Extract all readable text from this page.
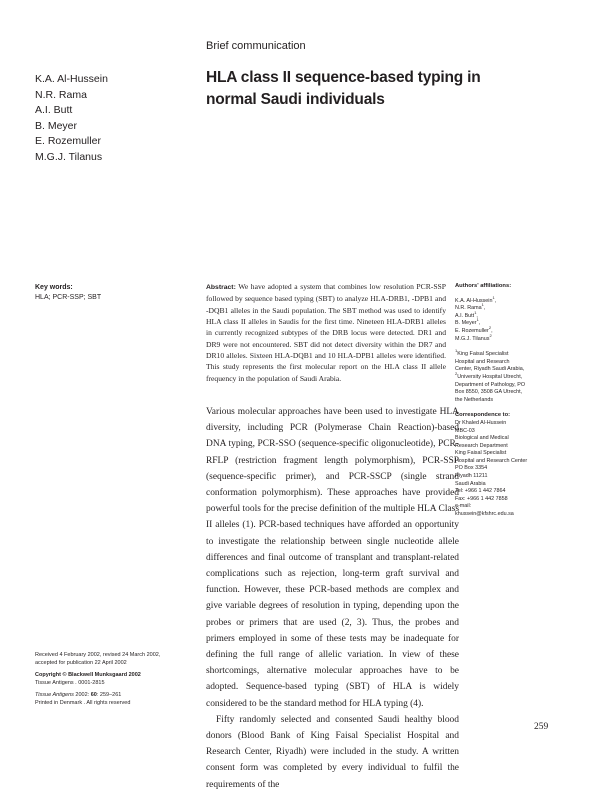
Brief communication
K.A. Al-Hussein
N.R. Rama
A.I. Butt
B. Meyer
E. Rozemuller
M.G.J. Tilanus
HLA class II sequence-based typing in
normal Saudi individuals
Key words:
HLA; PCR-SSP; SBT
Abstract: We have adopted a system that combines low resolution PCR-SSP followed by sequence based typing (SBT) to analyze HLA-DRB1, -DPB1 and -DQB1 alleles in the Saudi population. The SBT method was used to identify HLA class II alleles in Saudis for the first time. Nineteen HLA-DRB1 alleles in currently recognized subtypes of the DRB locus were detected. DR1 and DR9 were not encountered. SBT did not detect diversity within the DR7 and DR10 alleles. Sixteen HLA-DQB1 and 10 HLA-DPB1 alleles were identified. This study represents the first molecular report on the HLA class II allele frequency in the population of Saudi Arabia.
Authors' affiliations:
K.A. Al-Hussein$^1$,
N.R. Rama$^1$,
A.I. Butt$^1$,
B. Meyer$^1$,
E. Rozemuller$^2$,
M.G.J. Tilanus$^2$
$^1$King Faisal Specialist
Hospital and Research
Center, Riyadh Saudi Arabia,
$^2$University Hospital Utrecht,
Department of Pathology, PO
Box 8550, 3508 GA Utrecht,
the Netherlands
Correspondence to:
Dr Khaled Al-Hussein
MBC-03
Biological and Medical
Research Department
King Faisal Specialist
Hospital and Research Center
PO Box 3354
Riyadh 11211
Saudi Arabia
Tel: +966 1 442 7864
Fax: +966 1 442 7858
e-mail:
khussein@kfshrc.edu.sa

Various molecular approaches have been used to investigate HLA diversity, including PCR (Polymerase Chain Reaction)-based DNA typing, PCR-SSO (sequence-specific oligonucleotide), PCR-RFLP (restriction fragment length polymorphism), PCR-SSP (sequence-specific primer), and PCR-SSCP (single strand conformation polymorphism). These approaches have provided powerful tools for the precise definition of the multiple HLA Class II alleles (1). PCR-based techniques have afforded an opportunity to investigate the relationship between single nucleotide allele differences and final outcome of transplant and transplant-related complications such as rejection, long-term graft survival and function. However, these PCR-based methods are complex and give variable degrees of resolution in typing, depending upon the probes or primers that are used (2, 3). Thus, the probes and primers employed in some of these tests may be inadequate for defining the full range of allelic variation. In view of these shortcomings, alternative molecular approaches have to be adopted. Sequence-based typing (SBT) of HLA is widely considered to be the standard method for HLA typing (4).

Fifty randomly selected and consented Saudi healthy blood donors (Blood Bank of King Faisal Specialist Hospital and Research Center, Riyadh) were included in the study. A written consent form was completed by every individual to fulfil the requirements of the

Received 4 February 2002, revised 24 March 2002,
accepted for publication 22 April 2002
Copyright © Blackwell Munksgaard 2002
Tissue Antigens . 0001-2815
Tissue Antigens 2002: 60: 259–261
Printed in Denmark . All rights reserved
259
